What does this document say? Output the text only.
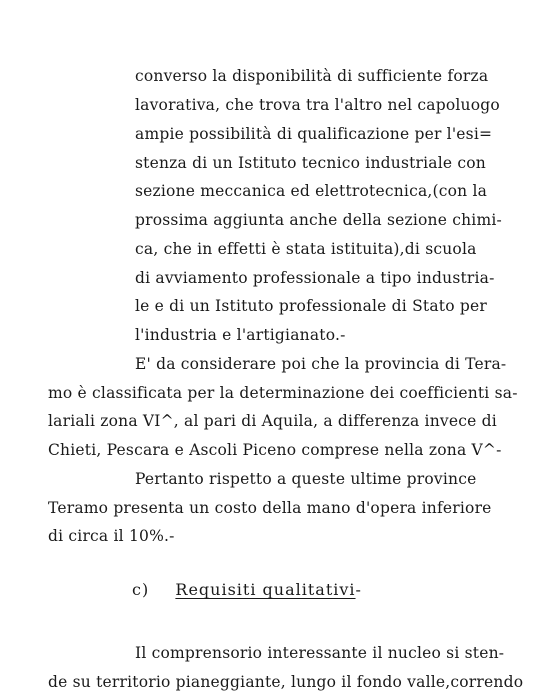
converso la disponibilità di sufficiente forza
lavorativa, che trova tra l'altro nel capoluogo
ampie possibilità di qualificazione per l'esi=
stenza di un Istituto tecnico industriale con
sezione meccanica ed elettrotecnica,(con la
prossima aggiunta anche della sezione chimi-
ca, che in effetti è stata istituita),di scuola
di avviamento professionale a tipo industria-
le e di un Istituto professionale di Stato per
l'industria e l'artigianato.-
E' da considerare poi che la provincia di Tera-
mo è classificata per la determinazione dei coefficienti sa-
lariali zona VI^, al pari di Aquila, a differenza invece di
Chieti, Pescara e Ascoli Piceno comprese nella zona V^-
Pertanto rispetto a queste ultime province
Teramo presenta un costo della mano d'opera inferiore
di circa il 10%.-
c) Requisiti qualitativi-
Il comprensorio interessante il nucleo si sten-
de su territorio pianeggiante, lungo il fondo valle,correndo
